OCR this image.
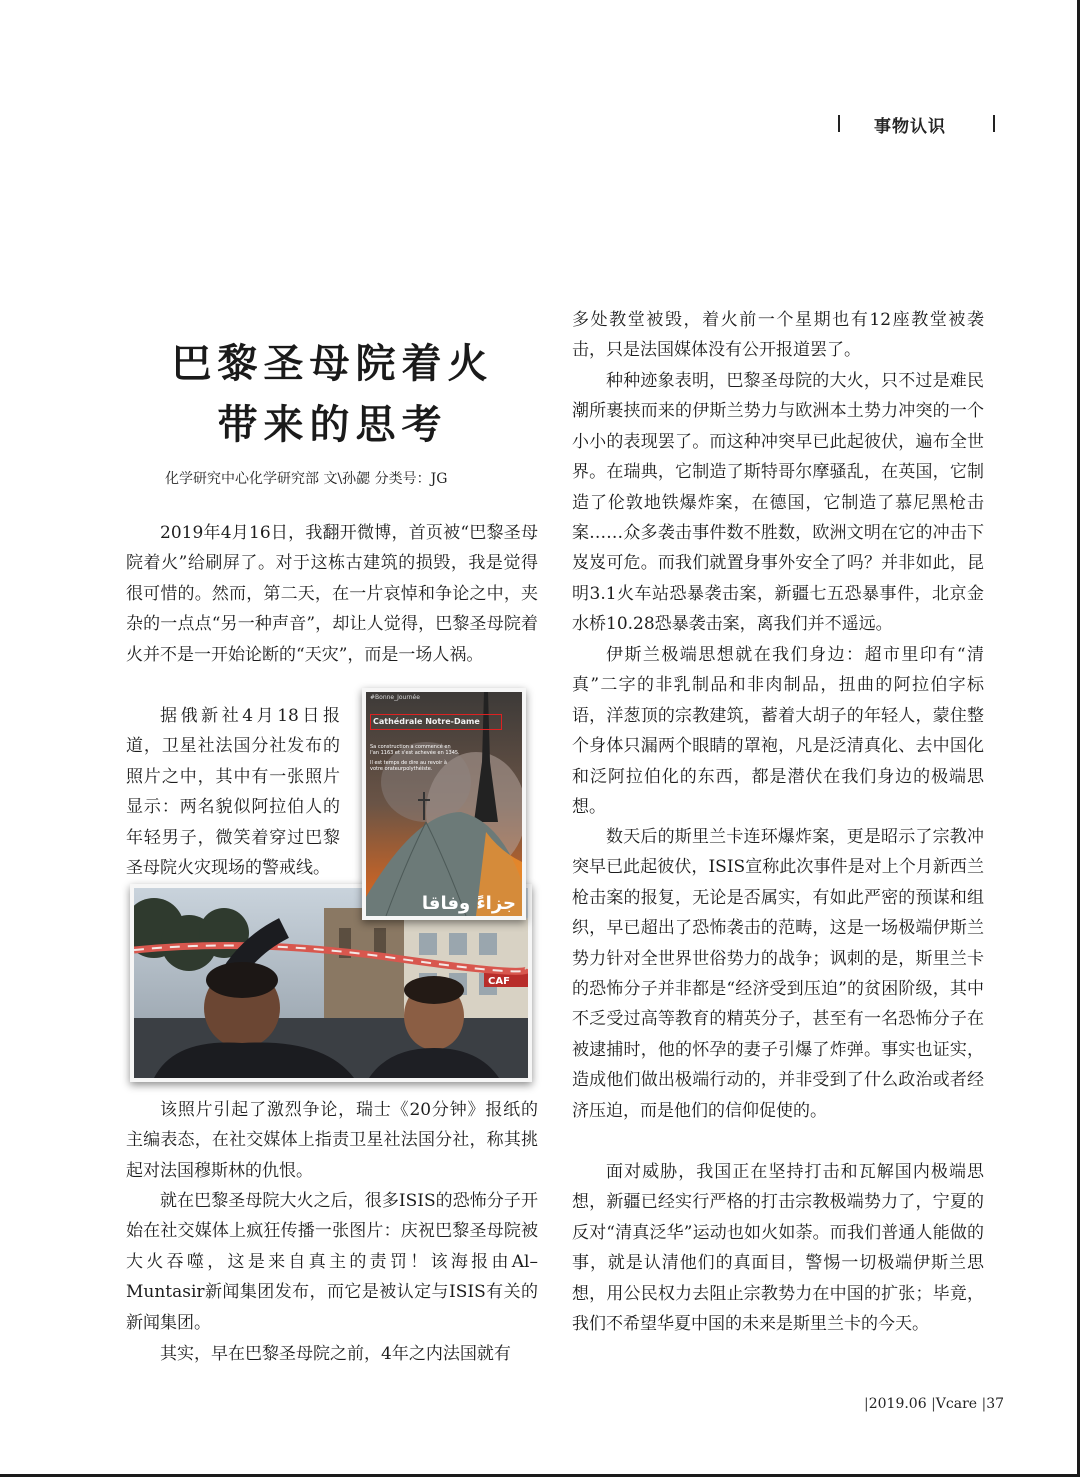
事物认识
巴黎圣母院着火
带来的思考
化学研究中心化学研究部 文\孙勰 分类号：JG

2019年4月16日，我翻开微博，首页被“巴黎圣母院着火”给刷屏了。对于这栋古建筑的损毁，我是觉得很可惜的。然而，第二天，在一片哀悼和争论之中，夹杂的一点点“另一种声音”，却让人觉得，巴黎圣母院着火并不是一开始论断的“天灾”，而是一场人祸。

据俄新社4月18日报道，卫星社法国分社发布的照片之中，其中有一张照片显示：两名貌似阿拉伯人的年轻男子，微笑着穿过巴黎圣母院火灾现场的警戒线。

该照片引起了激烈争论，瑞士《20分钟》报纸的主编表态，在社交媒体上指责卫星社法国分社，称其挑起对法国穆斯林的仇恨。

就在巴黎圣母院大火之后，很多ISIS的恐怖分子开始在社交媒体上疯狂传播一张图片：庆祝巴黎圣母院被大火吞噬，这是来自真主的责罚！该海报由Al–Muntasir新闻集团发布，而它是被认定与ISIS有关的新闻集团。

其实，早在巴黎圣母院之前，4年之内法国就有

多处教堂被毁，着火前一个星期也有12座教堂被袭击，只是法国媒体没有公开报道罢了。

种种迹象表明，巴黎圣母院的大火，只不过是难民潮所裹挟而来的伊斯兰势力与欧洲本土势力冲突的一个小小的表现罢了。而这种冲突早已此起彼伏，遍布全世界。在瑞典，它制造了斯特哥尔摩骚乱，在英国，它制造了伦敦地铁爆炸案，在德国，它制造了慕尼黑枪击案……众多袭击事件数不胜数，欧洲文明在它的冲击下岌岌可危。而我们就置身事外安全了吗？并非如此，昆明3.1火车站恐暴袭击案，新疆七五恐暴事件，北京金水桥10.28恐暴袭击案，离我们并不遥远。

伊斯兰极端思想就在我们身边：超市里印有“清真”二字的非乳制品和非肉制品，扭曲的阿拉伯字标语，洋葱顶的宗教建筑，蓄着大胡子的年轻人，蒙住整个身体只漏两个眼睛的罩袍，凡是泛清真化、去中国化和泛阿拉伯化的东西，都是潜伏在我们身边的极端思想。

数天后的斯里兰卡连环爆炸案，更是昭示了宗教冲突早已此起彼伏，ISIS宣称此次事件是对上个月新西兰枪击案的报复，无论是否属实，有如此严密的预谋和组织，早已超出了恐怖袭击的范畴，这是一场极端伊斯兰势力针对全世界世俗势力的战争；讽刺的是，斯里兰卡的恐怖分子并非都是“经济受到压迫”的贫困阶级，其中不乏受过高等教育的精英分子，甚至有一名恐怖分子在被逮捕时，他的怀孕的妻子引爆了炸弹。事实也证实，造成他们做出极端行动的，并非受到了什么政治或者经济压迫，而是他们的信仰促使的。

面对威胁，我国正在坚持打击和瓦解国内极端思想，新疆已经实行严格的打击宗教极端势力了，宁夏的反对“清真泛华”运动也如火如荼。而我们普通人能做的事，就是认清他们的真面目，警惕一切极端伊斯兰思想，用公民权力去阻止宗教势力在中国的扩张；毕竟，我们不希望华夏中国的未来是斯里兰卡的今天。

CAF
#Bonne_Journée
Cathédrale Notre-Dame
Sa construction a commencé en
l'an 1163 et s'est achevée en 1345.
Il est temps de dire au revoir à
votre orateurpolythéiste.
جزاءً وفاقا
|2019.06 |Vcare |37
